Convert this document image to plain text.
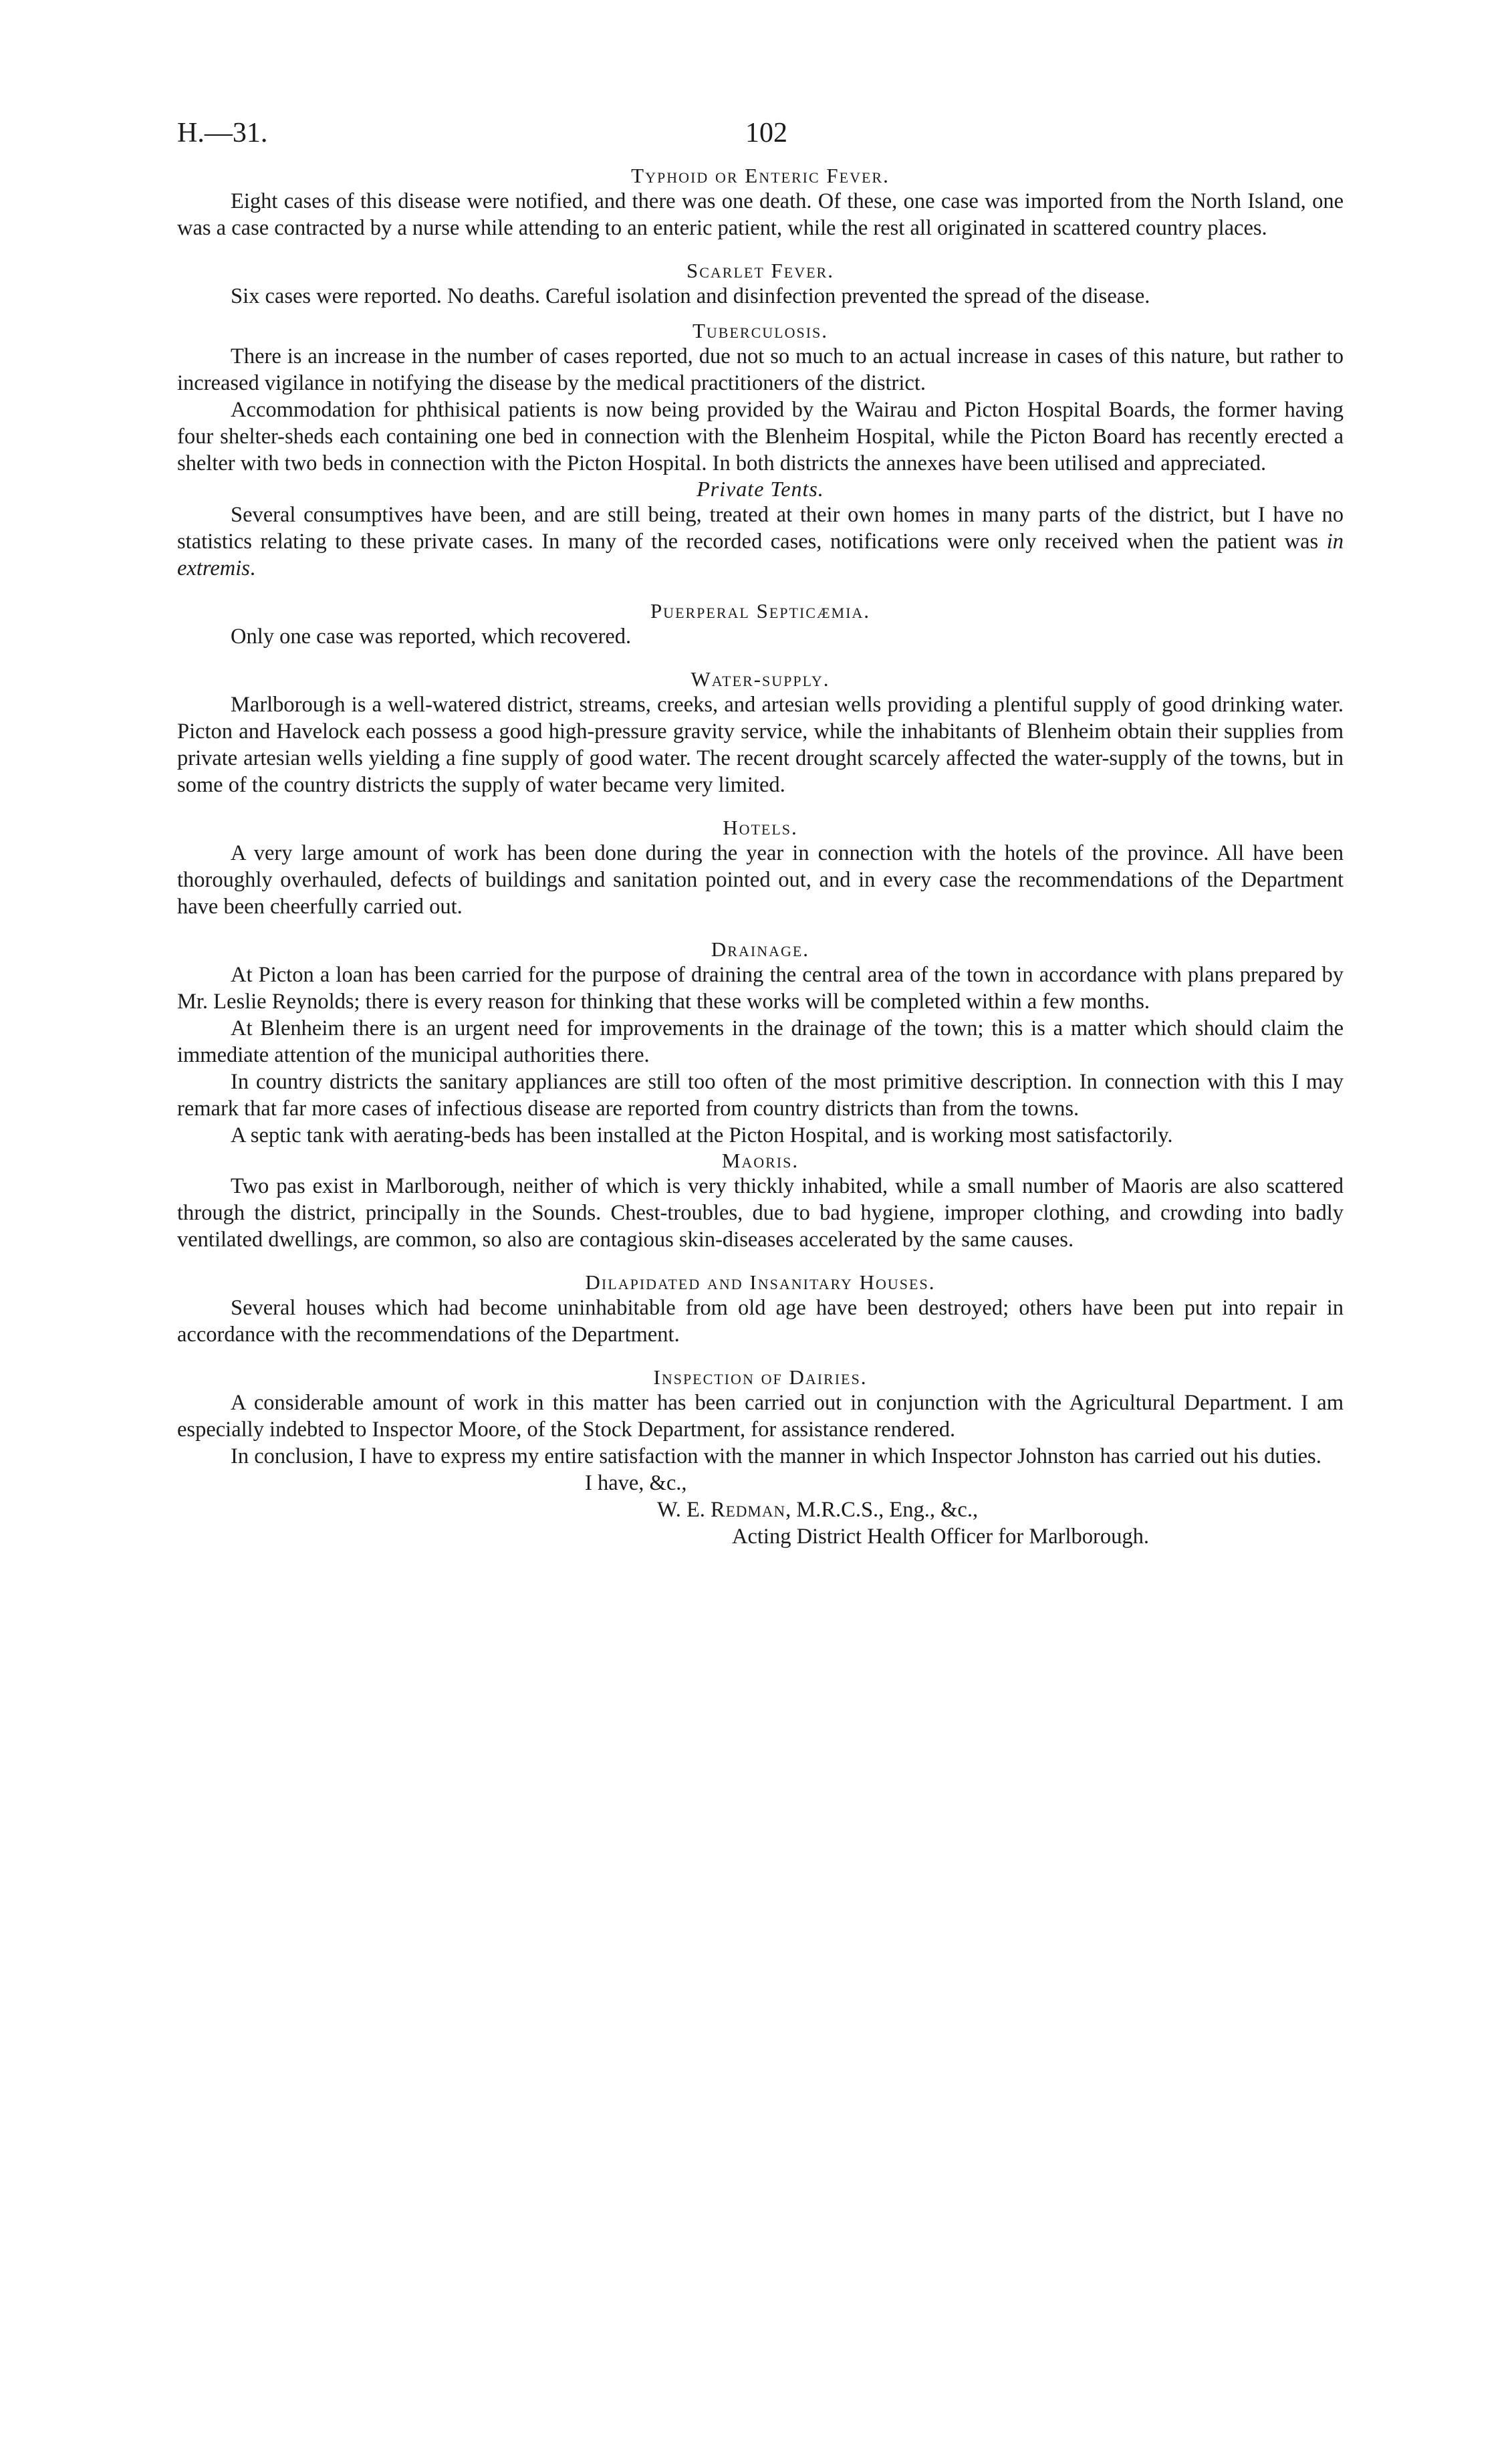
H.—31.	102
Typhoid or Enteric Fever.

Eight cases of this disease were notified, and there was one death. Of these, one case was imported from the North Island, one was a case contracted by a nurse while attending to an enteric patient, while the rest all originated in scattered country places.

Scarlet Fever.

Six cases were reported. No deaths. Careful isolation and disinfection prevented the spread of the disease.

Tuberculosis.

There is an increase in the number of cases reported, due not so much to an actual increase in cases of this nature, but rather to increased vigilance in notifying the disease by the medical practitioners of the district.

Accommodation for phthisical patients is now being provided by the Wairau and Picton Hospital Boards, the former having four shelter-sheds each containing one bed in connection with the Blenheim Hospital, while the Picton Board has recently erected a shelter with two beds in connection with the Picton Hospital. In both districts the annexes have been utilised and appreciated.

Private Tents.

Several consumptives have been, and are still being, treated at their own homes in many parts of the district, but I have no statistics relating to these private cases. In many of the recorded cases, notifications were only received when the patient was in extremis.

Puerperal Septicæmia.

Only one case was reported, which recovered.

Water-supply.

Marlborough is a well-watered district, streams, creeks, and artesian wells providing a plentiful supply of good drinking water. Picton and Havelock each possess a good high-pressure gravity service, while the inhabitants of Blenheim obtain their supplies from private artesian wells yielding a fine supply of good water. The recent drought scarcely affected the water-supply of the towns, but in some of the country districts the supply of water became very limited.

Hotels.

A very large amount of work has been done during the year in connection with the hotels of the province. All have been thoroughly overhauled, defects of buildings and sanitation pointed out, and in every case the recommendations of the Department have been cheerfully carried out.

Drainage.

At Picton a loan has been carried for the purpose of draining the central area of the town in accordance with plans prepared by Mr. Leslie Reynolds; there is every reason for thinking that these works will be completed within a few months.

At Blenheim there is an urgent need for improvements in the drainage of the town; this is a matter which should claim the immediate attention of the municipal authorities there.

In country districts the sanitary appliances are still too often of the most primitive description. In connection with this I may remark that far more cases of infectious disease are reported from country districts than from the towns.

A septic tank with aerating-beds has been installed at the Picton Hospital, and is working most satisfactorily.

Maoris.

Two pas exist in Marlborough, neither of which is very thickly inhabited, while a small number of Maoris are also scattered through the district, principally in the Sounds. Chest-troubles, due to bad hygiene, improper clothing, and crowding into badly ventilated dwellings, are common, so also are contagious skin-diseases accelerated by the same causes.

Dilapidated and Insanitary Houses.

Several houses which had become uninhabitable from old age have been destroyed; others have been put into repair in accordance with the recommendations of the Department.

Inspection of Dairies.

A considerable amount of work in this matter has been carried out in conjunction with the Agricultural Department. I am especially indebted to Inspector Moore, of the Stock Department, for assistance rendered.

In conclusion, I have to express my entire satisfaction with the manner in which Inspector Johnston has carried out his duties.

I have, &c.,
W. E. Redman, M.R.C.S., Eng., &c.,
Acting District Health Officer for Marlborough.
